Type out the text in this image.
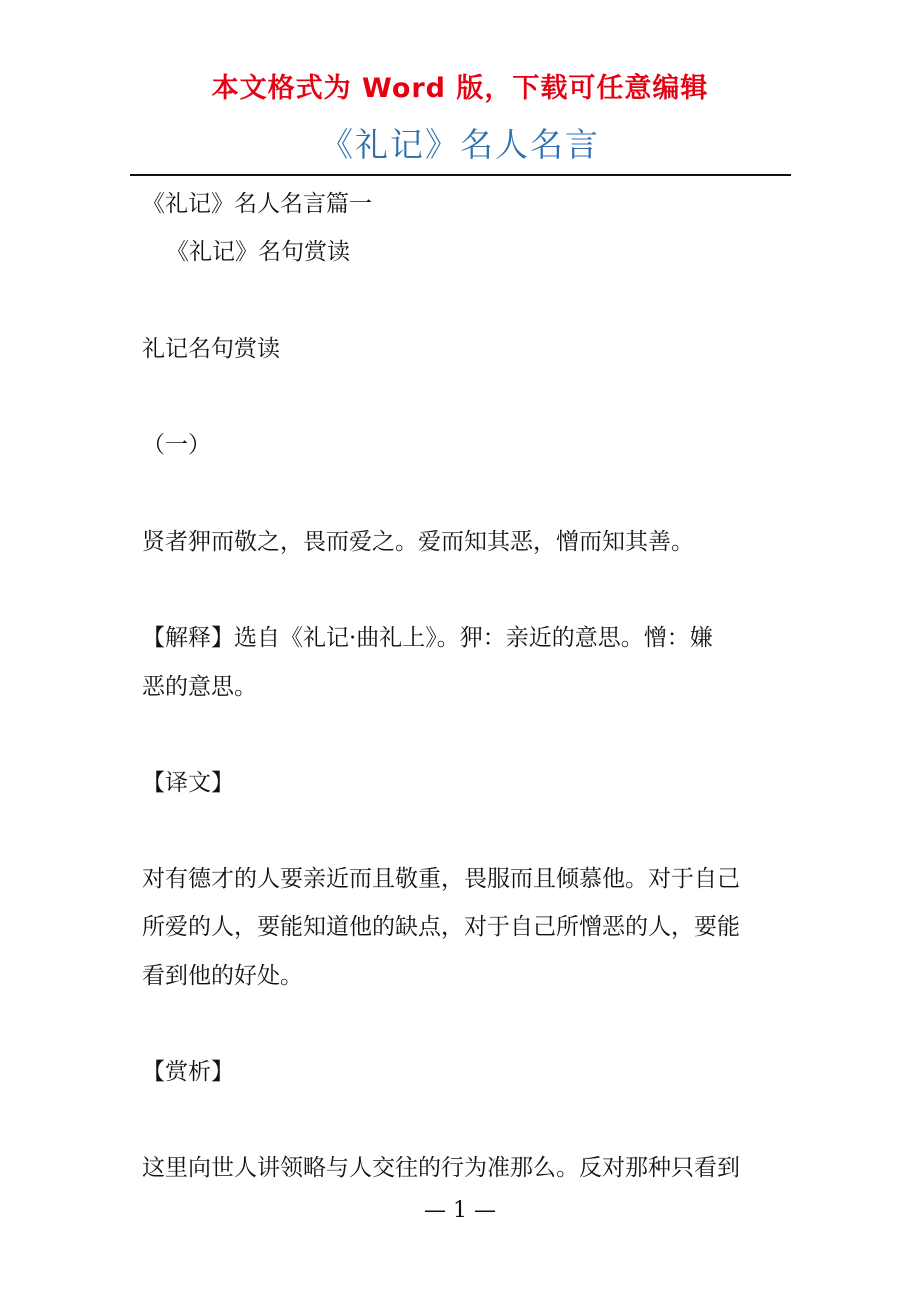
本文格式为 Word 版，下载可任意编辑
《礼记》名人名言
《礼记》名人名言篇一
《礼记》名句赏读
礼记名句赏读
（一）
贤者狎而敬之，畏而爱之。爱而知其恶，憎而知其善。
【解释】选自《礼记·曲礼上》。狎：亲近的意思。憎：嫌
恶的意思。
【译文】
对有德才的人要亲近而且敬重，畏服而且倾慕他。对于自己
所爱的人，要能知道他的缺点，对于自己所憎恶的人，要能
看到他的好处。
【赏析】
这里向世人讲领略与人交往的行为准那么。反对那种只看到
— 1 —
